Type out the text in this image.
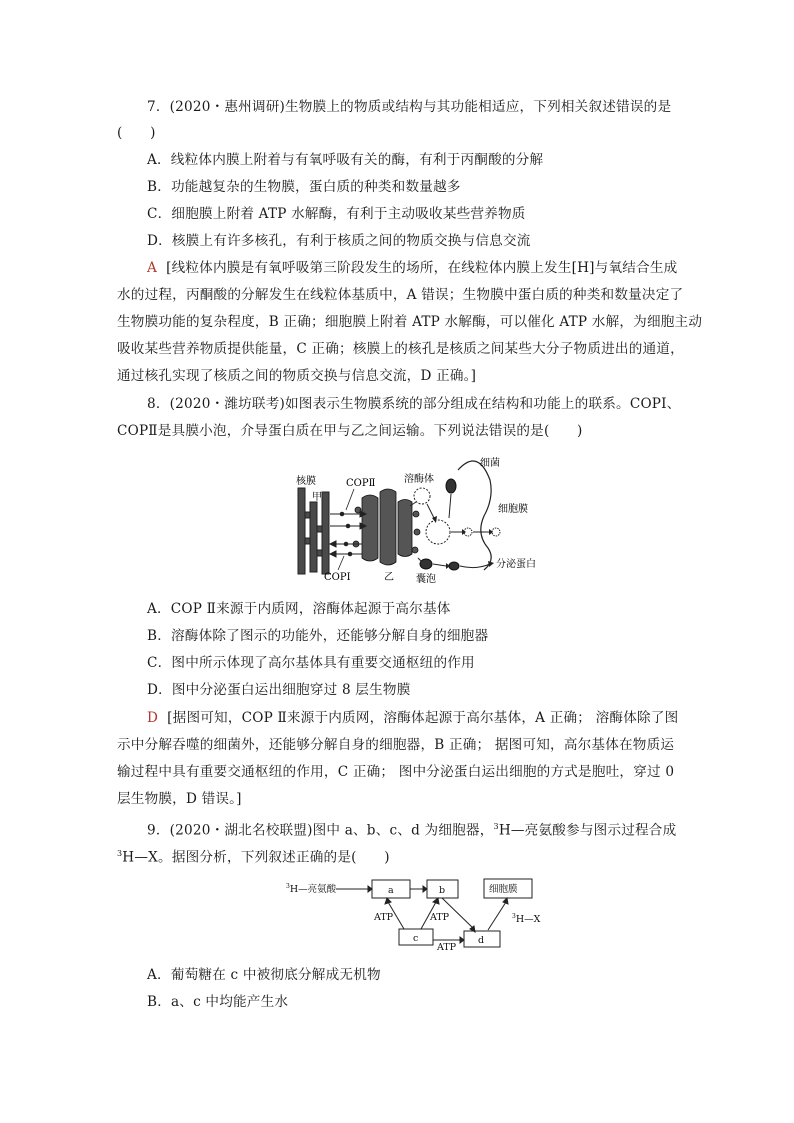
7．(2020・惠州调研)生物膜上的物质或结构与其功能相适应，下列相关叙述错误的是
(　　)
A．线粒体内膜上附着与有氧呼吸有关的酶，有利于丙酮酸的分解
B．功能越复杂的生物膜，蛋白质的种类和数量越多
C．细胞膜上附着 ATP 水解酶，有利于主动吸收某些营养物质
D．核膜上有许多核孔，有利于核质之间的物质交换与信息交流
A [线粒体内膜是有氧呼吸第三阶段发生的场所，在线粒体内膜上发生[H]与氧结合生成
水的过程，丙酮酸的分解发生在线粒体基质中，A 错误；生物膜中蛋白质的种类和数量决定了
生物膜功能的复杂程度，B 正确；细胞膜上附着 ATP 水解酶，可以催化 ATP 水解，为细胞主动
吸收某些营养物质提供能量，C 正确；核膜上的核孔是核质之间某些大分子物质进出的通道，
通过核孔实现了核质之间的物质交换与信息交流，D 正确。]
8．(2020・潍坊联考)如图表示生物膜系统的部分组成在结构和功能上的联系。COPⅠ、
COPⅡ是具膜小泡，介导蛋白质在甲与乙之间运输。下列说法错误的是(　　)
核膜
甲
COPⅡ
COPⅠ	乙
溶酶体
细菌
细胞膜
囊泡
分泌蛋白
A．COP Ⅱ来源于内质网，溶酶体起源于高尔基体
B．溶酶体除了图示的功能外，还能够分解自身的细胞器
C．图中所示体现了高尔基体具有重要交通枢纽的作用
D．图中分泌蛋白运出细胞穿过 8 层生物膜
D [据图可知，COP Ⅱ来源于内质网，溶酶体起源于高尔基体，A 正确； 溶酶体除了图
示中分解吞噬的细菌外，还能够分解自身的细胞器，B 正确； 据图可知，高尔基体在物质运
输过程中具有重要交通枢纽的作用，C 正确； 图中分泌蛋白运出细胞的方式是胞吐，穿过 0
层生物膜，D 错误。]
9．(2020・湖北名校联盟)图中 a、b、c、d 为细胞器，$^3$H—亮氨酸参与图示过程合成
$^3$H—X。据图分析，下列叙述正确的是(　　)
$^3$H—亮氨酸	a	b	细胞膜
c	d
ATP	ATP
ATP
$^3$H—X
A．葡萄糖在 c 中被彻底分解成无机物
B．a、c 中均能产生水
